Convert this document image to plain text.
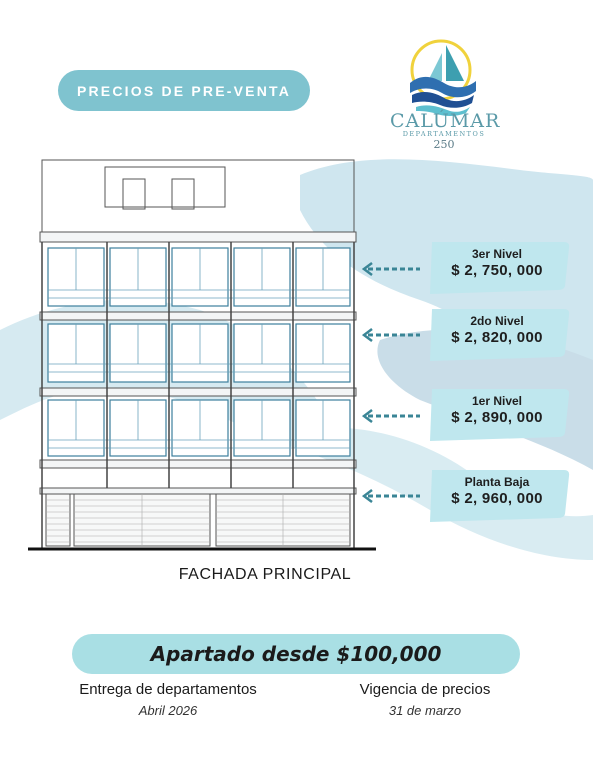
PRECIOS DE PRE-VENTA
CALÚMAR
DEPARTAMENTOS
250
3er Nivel
$ 2, 750, 000
2do Nivel
$ 2, 820, 000
1er Nivel
$ 2, 890, 000
Planta Baja
$ 2, 960, 000
FACHADA PRINCIPAL
Apartado desde $100,000
Entrega de departamentos
Abril 2026
Vigencia de precios
31 de marzo
